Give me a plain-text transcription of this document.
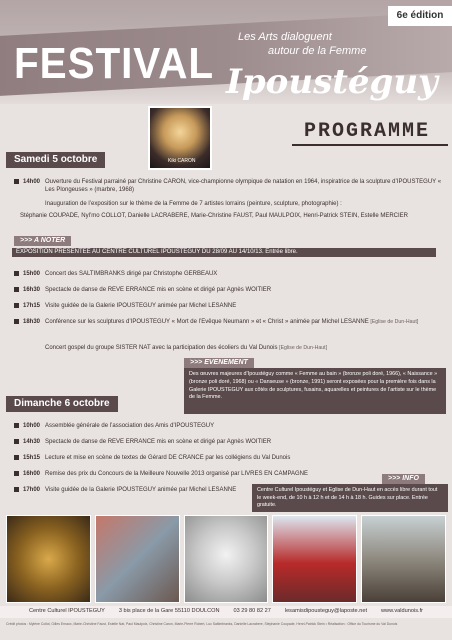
6e édition
FESTIVAL
Les Arts dialoguent
autour de la Femme
Ipoustéguy
Kiki CARON
PROGRAMME
Samedi 5 octobre
14h00 Ouverture du Festival parrainé par Christine CARON, vice-championne olympique de natation en 1964, inspiratrice de la sculpture d’IPOUSTEGUY « Les Plongeuses » (marbre, 1968)
Inauguration de l’exposition sur le thème de la Femme de 7 artistes lorrains (peinture, sculpture, photographie) :
Stéphanie COUPADE, Nyl’mo COLLOT, Danielle LACRABERE, Marie-Christine FAUST, Paul MAULPOIX, Henri-Patrick STEIN, Estelle MERCIER
>>> A NOTER
EXPOSITION PRESENTEE AU CENTRE CULTUREL IPOUSTEGUY DU 28/09 AU 14/10/13. Entrée libre.
15h00 Concert des SALTIMBRANKS dirigé par Christophe GERBEAUX
16h30 Spectacle de danse de REVE ERRANCE mis en scène et dirigé par Agnès WOITIER
17h15 Visite guidée de la Galerie IPOUSTEGUY animée par Michel LESANNE
18h30 Conférence sur les sculptures d’IPOUSTEGUY « Mort de l’Evêque Neumann » et « Christ » animée par Michel LESANNE [Eglise de Dun-Haut]
Concert gospel du groupe SISTER NAT avec la participation des écoliers du Val Dunois [Eglise de Dun-Haut]
>>> EVENEMENT
Des œuvres majeures d’Ipoustéguy comme « Femme au bain » (bronze poli doré, 1966), « Naissance » (bronze poli doré, 1968) ou « Danseuse » (bronze, 1991) seront exposées pour la première fois dans la Galerie IPOUSTEGUY aux côtés de sculptures, fusains, aquarelles et peintures de l’artiste sur le thème de la Femme.
Dimanche 6 octobre
10h00 Assemblée générale de l’association des Amis d’IPOUSTEGUY
14h30 Spectacle de danse de REVE ERRANCE mis en scène et dirigé par Agnès WOITIER
15h15 Lecture et mise en scène de textes de Gérard DE CRANCE par les collégiens du Val Dunois
16h00 Remise des prix du Concours de la Meilleure Nouvelle 2013 organisé par LIVRES EN CAMPAGNE
17h00 Visite guidée de la Galerie IPOUSTEGUY animée par Michel LESANNE
>>> INFO
Centre Culturel Ipoustéguy et Eglise de Dun-Haut en accès libre durant tout le week-end, de 10 h à 12 h et de 14 h à 18 h. Guides sur place. Entrée gratuite.
Centre Culturel IPOUSTEGUY	3 bis place de la Gare 55110 DOULCON	03 29 80 82 27	lesamisdipousteguy@laposte.net	www.valdunois.fr
Crédit photos : Mylène Collot, Gilles Ernaux, Marie-Christine Faust, Estelle Nat, Paul Maulpoix, Christine Caron, Marie-Pierre Robert, Luc Saltimbranks, Danielle Lacrabere, Stéphanie Coupade, Henri-Patrick Stein • Réalisation : Office du Tourisme du Val Dunois
